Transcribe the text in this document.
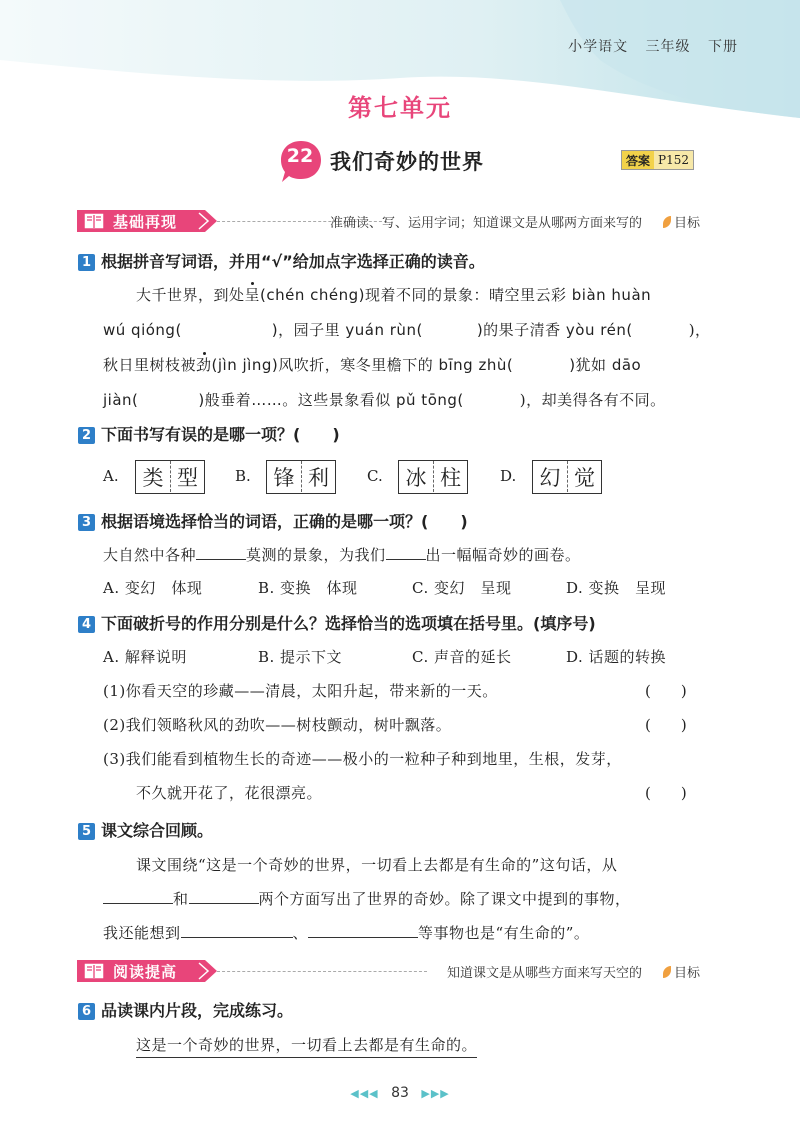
小学语文 三年级 下册
第七单元
22 我们奇妙的世界	答案 P152
基础再现	准确读、写、运用字词；知道课文是从哪两方面来写的	目标
1 根据拼音写词语，并用“√”给加点字选择正确的读音。
大千世界，到处呈(chén chéng)现着不同的景象：晴空里云彩 biàn huàn
wú qióng(	)，园子里 yuán rùn(	)的果子清香 yòu rén(	)，
秋日里树枝被劲(jìn jìng)风吹折，寒冬里檐下的 bīng zhù(	)犹如 dāo
jiàn(	)般垂着……。这些景象看似 pǔ tōng(	)，却美得各有不同。
2 下面书写有误的是哪一项？(　　)
A.	类 型	B.	锋 利	C.	冰 柱	D.	幻 觉
3 根据语境选择恰当的词语，正确的是哪一项？(　　)
大自然中各种	莫测的景象，为我们	出一幅幅奇妙的画卷。
A. 变幻　体现	B. 变换　体现	C. 变幻　呈现	D. 变换　呈现
4 下面破折号的作用分别是什么？选择恰当的选项填在括号里。(填序号)
A. 解释说明	B. 提示下文	C. 声音的延长	D. 话题的转换
(1)你看天空的珍藏——清晨，太阳升起，带来新的一天。	(　　)
(2)我们领略秋风的劲吹——树枝颤动，树叶飘落。	(　　)
(3)我们能看到植物生长的奇迹——极小的一粒种子种到地里，生根，发芽，
不久就开花了，花很漂亮。	(　　)
5 课文综合回顾。
课文围绕“这是一个奇妙的世界，一切看上去都是有生命的”这句话，从
和	两个方面写出了世界的奇妙。除了课文中提到的事物，
我还能想到	、	等事物也是“有生命的”。
阅读提高	知道课文是从哪些方面来写天空的	目标
6 品读课内片段，完成练习。
这是一个奇妙的世界，一切看上去都是有生命的。
◀◀◀ 83 ▶▶▶
